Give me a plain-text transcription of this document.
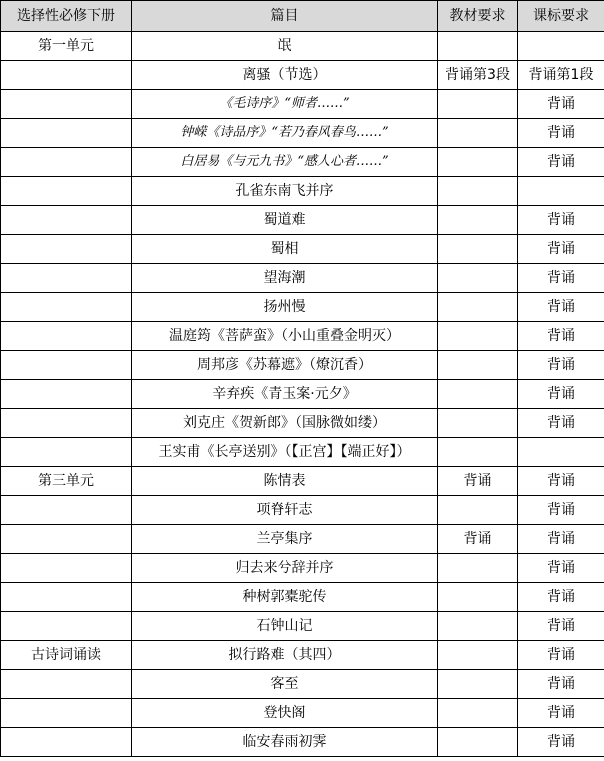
选择性必修下册	篇目	教材要求	课标要求
第一单元	氓		
	离骚（节选）	背诵第3段	背诵第1段
	《毛诗序》“师者……”		背诵
	钟嵘《诗品序》“若乃春风春鸟……”		背诵
	白居易《与元九书》“感人心者……”		背诵
	孔雀东南飞并序		
	蜀道难		背诵
	蜀相		背诵
	望海潮		背诵
	扬州慢		背诵
	温庭筠《菩萨蛮》（小山重叠金明灭）		背诵
	周邦彦《苏幕遮》（燎沉香）		背诵
	辛弃疾《青玉案·元夕》		背诵
	刘克庄《贺新郎》（国脉微如缕）		背诵
	王实甫《长亭送别》（【正宫】【端正好】）		
第三单元	陈情表	背诵	背诵
	项脊轩志		背诵
	兰亭集序	背诵	背诵
	归去来兮辞并序		背诵
	种树郭橐驼传		背诵
	石钟山记		背诵
古诗词诵读	拟行路难（其四）		背诵
	客至		背诵
	登快阁		背诵
	临安春雨初霁		背诵
